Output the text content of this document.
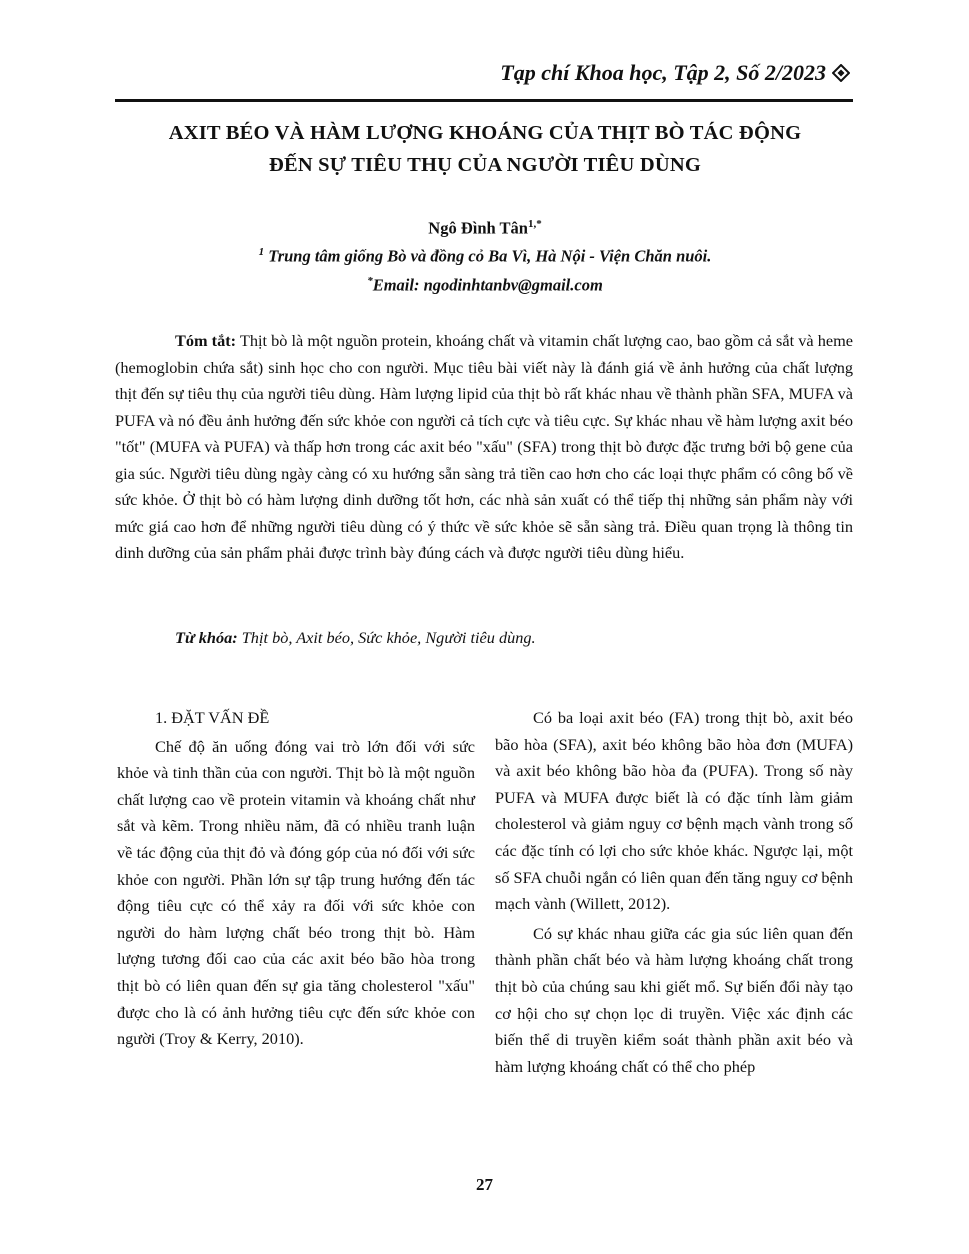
Tạp chí Khoa học, Tập 2, Số 2/2023
AXIT BÉO VÀ HÀM LƯỢNG KHOÁNG CỦA THỊT BÒ TÁC ĐỘNG
ĐẾN SỰ TIÊU THỤ CỦA NGƯỜI TIÊU DÙNG
Ngô Đình Tân$^{1,*}$
$^1$ Trung tâm giống Bò và đồng cỏ Ba Vì, Hà Nội - Viện Chăn nuôi.
*Email: ngodinhtanbv@gmail.com
Tóm tắt: Thịt bò là một nguồn protein, khoáng chất và vitamin chất lượng cao, bao gồm cả sắt và heme (hemoglobin chứa sắt) sinh học cho con người. Mục tiêu bài viết này là đánh giá về ảnh hưởng của chất lượng thịt đến sự tiêu thụ của người tiêu dùng. Hàm lượng lipid của thịt bò rất khác nhau về thành phần SFA, MUFA và PUFA và nó đều ảnh hưởng đến sức khỏe con người cả tích cực và tiêu cực. Sự khác nhau về hàm lượng axit béo "tốt" (MUFA và PUFA) và thấp hơn trong các axit béo "xấu" (SFA) trong thịt bò được đặc trưng bởi bộ gene của gia súc. Người tiêu dùng ngày càng có xu hướng sẵn sàng trả tiền cao hơn cho các loại thực phẩm có công bố về sức khỏe. Ở thịt bò có hàm lượng dinh dưỡng tốt hơn, các nhà sản xuất có thể tiếp thị những sản phẩm này với mức giá cao hơn để những người tiêu dùng có ý thức về sức khỏe sẽ sẵn sàng trả. Điều quan trọng là thông tin dinh dưỡng của sản phẩm phải được trình bày đúng cách và được người tiêu dùng hiểu.
Từ khóa: Thịt bò, Axit béo, Sức khỏe, Người tiêu dùng.
1. ĐẶT VẤN ĐỀ

Chế độ ăn uống đóng vai trò lớn đối với sức khỏe và tinh thần của con người. Thịt bò là một nguồn chất lượng cao về protein vitamin và khoáng chất như sắt và kẽm. Trong nhiều năm, đã có nhiều tranh luận về tác động của thịt đỏ và đóng góp của nó đối với sức khỏe con người. Phần lớn sự tập trung hướng đến tác động tiêu cực có thể xảy ra đối với sức khỏe con người do hàm lượng chất béo trong thịt bò. Hàm lượng tương đối cao của các axit béo bão hòa trong thịt bò có liên quan đến sự gia tăng cholesterol "xấu" được cho là có ảnh hưởng tiêu cực đến sức khỏe con người (Troy & Kerry, 2010).

Có ba loại axit béo (FA) trong thịt bò, axit béo bão hòa (SFA), axit béo không bão hòa đơn (MUFA) và axit béo không bão hòa đa (PUFA). Trong số này PUFA và MUFA được biết là có đặc tính làm giảm cholesterol và giảm nguy cơ bệnh mạch vành trong số các đặc tính có lợi cho sức khỏe khác. Ngược lại, một số SFA chuỗi ngắn có liên quan đến tăng nguy cơ bệnh mạch vành (Willett, 2012).

Có sự khác nhau giữa các gia súc liên quan đến thành phần chất béo và hàm lượng khoáng chất trong thịt bò của chúng sau khi giết mổ. Sự biến đổi này tạo cơ hội cho sự chọn lọc di truyền. Việc xác định các biến thể di truyền kiểm soát thành phần axit béo và hàm lượng khoáng chất có thể cho phép

27
